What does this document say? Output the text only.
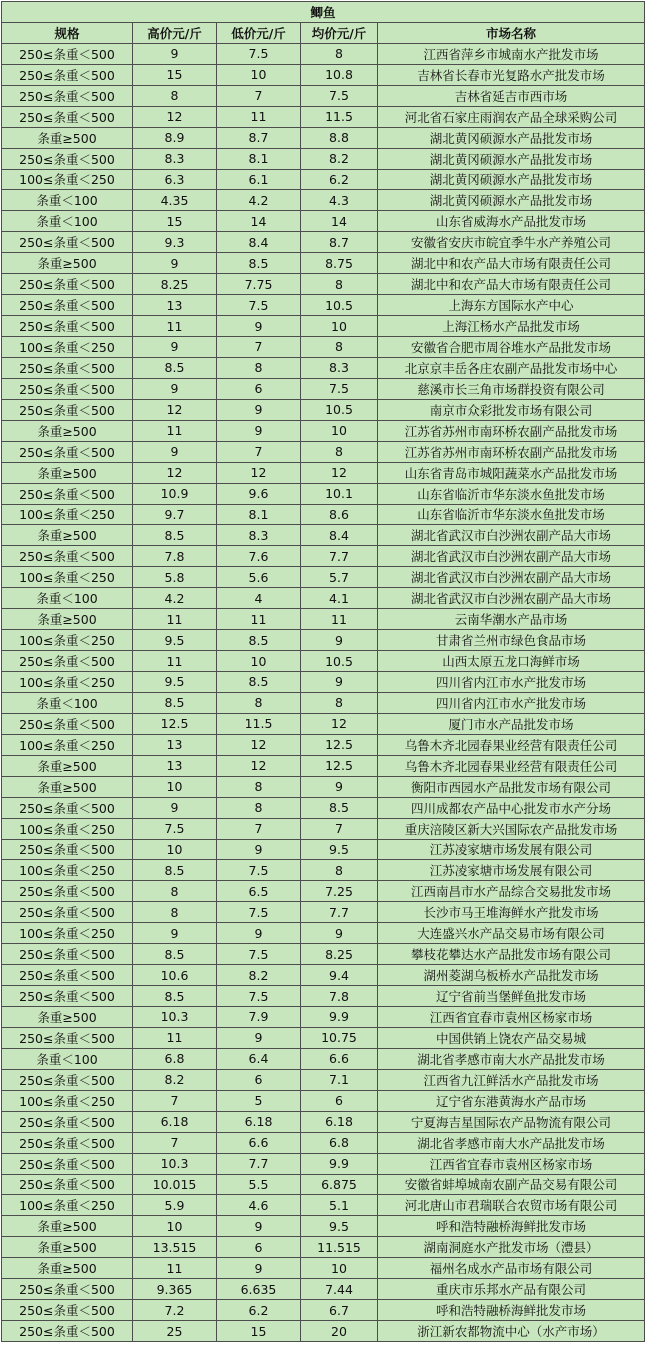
鲫鱼				
规格	高价元/斤	低价元/斤	均价元/斤	市场名称
250≤条重＜500	9	7.5	8	江西省萍乡市城南水产批发市场
250≤条重＜500	15	10	10.8	吉林省长春市光复路水产批发市场
250≤条重＜500	8	7	7.5	吉林省延吉市西市场
250≤条重＜500	12	11	11.5	河北省石家庄雨润农产品全球采购公司
条重≥500	8.9	8.7	8.8	湖北黄冈硕源水产品批发市场
250≤条重＜500	8.3	8.1	8.2	湖北黄冈硕源水产品批发市场
100≤条重＜250	6.3	6.1	6.2	湖北黄冈硕源水产品批发市场
条重＜100	4.35	4.2	4.3	湖北黄冈硕源水产品批发市场
条重＜100	15	14	14	山东省威海水产品批发市场
250≤条重＜500	9.3	8.4	8.7	安徽省安庆市皖宜季牛水产养殖公司
条重≥500	9	8.5	8.75	湖北中和农产品大市场有限责任公司
250≤条重＜500	8.25	7.75	8	湖北中和农产品大市场有限责任公司
250≤条重＜500	13	7.5	10.5	上海东方国际水产中心
250≤条重＜500	11	9	10	上海江杨水产品批发市场
100≤条重＜250	9	7	8	安徽省合肥市周谷堆水产品批发市场
250≤条重＜500	8.5	8	8.3	北京京丰岳各庄农副产品批发市场中心
250≤条重＜500	9	6	7.5	慈溪市长三角市场群投资有限公司
250≤条重＜500	12	9	10.5	南京市众彩批发市场有限公司
条重≥500	11	9	10	江苏省苏州市南环桥农副产品批发市场
250≤条重＜500	9	7	8	江苏省苏州市南环桥农副产品批发市场
条重≥500	12	12	12	山东省青岛市城阳蔬菜水产品批发市场
250≤条重＜500	10.9	9.6	10.1	山东省临沂市华东淡水鱼批发市场
100≤条重＜250	9.7	8.1	8.6	山东省临沂市华东淡水鱼批发市场
条重≥500	8.5	8.3	8.4	湖北省武汉市白沙洲农副产品大市场
250≤条重＜500	7.8	7.6	7.7	湖北省武汉市白沙洲农副产品大市场
100≤条重＜250	5.8	5.6	5.7	湖北省武汉市白沙洲农副产品大市场
条重＜100	4.2	4	4.1	湖北省武汉市白沙洲农副产品大市场
条重≥500	11	11	11	云南华潮水产品市场
100≤条重＜250	9.5	8.5	9	甘肃省兰州市绿色食品市场
250≤条重＜500	11	10	10.5	山西太原五龙口海鲜市场
100≤条重＜250	9.5	8.5	9	四川省内江市水产批发市场
条重＜100	8.5	8	8	四川省内江市水产批发市场
250≤条重＜500	12.5	11.5	12	厦门市水产品批发市场
100≤条重＜250	13	12	12.5	乌鲁木齐北园春果业经营有限责任公司
条重≥500	13	12	12.5	乌鲁木齐北园春果业经营有限责任公司
条重≥500	10	8	9	衡阳市西园水产品批发市场有限公司
250≤条重＜500	9	8	8.5	四川成都农产品中心批发市水产分场
100≤条重＜250	7.5	7	7	重庆涪陵区新大兴国际农产品批发市场
250≤条重＜500	10	9	9.5	江苏凌家塘市场发展有限公司
100≤条重＜250	8.5	7.5	8	江苏凌家塘市场发展有限公司
250≤条重＜500	8	6.5	7.25	江西南昌市水产品综合交易批发市场
250≤条重＜500	8	7.5	7.7	长沙市马王堆海鲜水产批发市场
100≤条重＜250	9	9	9	大连盛兴水产品交易市场有限公司
250≤条重＜500	8.5	7.5	8.25	攀枝花攀达水产品批发市场有限公司
250≤条重＜500	10.6	8.2	9.4	湖州菱湖乌板桥水产品批发市场
250≤条重＜500	8.5	7.5	7.8	辽宁省前当堡鲜鱼批发市场
条重≥500	10.3	7.9	9.9	江西省宜春市袁州区杨家市场
250≤条重＜500	11	9	10.75	中国供销上饶农产品交易城
条重＜100	6.8	6.4	6.6	湖北省孝感市南大水产品批发市场
250≤条重＜500	8.2	6	7.1	江西省九江鲜活水产品批发市场
100≤条重＜250	7	5	6	辽宁省东港黄海水产品市场
250≤条重＜500	6.18	6.18	6.18	宁夏海吉星国际农产品物流有限公司
250≤条重＜500	7	6.6	6.8	湖北省孝感市南大水产品批发市场
250≤条重＜500	10.3	7.7	9.9	江西省宜春市袁州区杨家市场
250≤条重＜500	10.015	5.5	6.875	安徽省蚌埠城南农副产品交易有限公司
100≤条重＜250	5.9	4.6	5.1	河北唐山市君瑞联合农贸市场有限公司
条重≥500	10	9	9.5	呼和浩特融桥海鲜批发市场
条重≥500	13.515	6	11.515	湖南洞庭水产批发市场（澧县）
条重≥500	11	9	10	福州名成水产品市场有限公司
250≤条重＜500	9.365	6.635	7.44	重庆市乐邦水产品有限公司
250≤条重＜500	7.2	6.2	6.7	呼和浩特融桥海鲜批发市场
250≤条重＜500	25	15	20	浙江新农都物流中心（水产市场）
